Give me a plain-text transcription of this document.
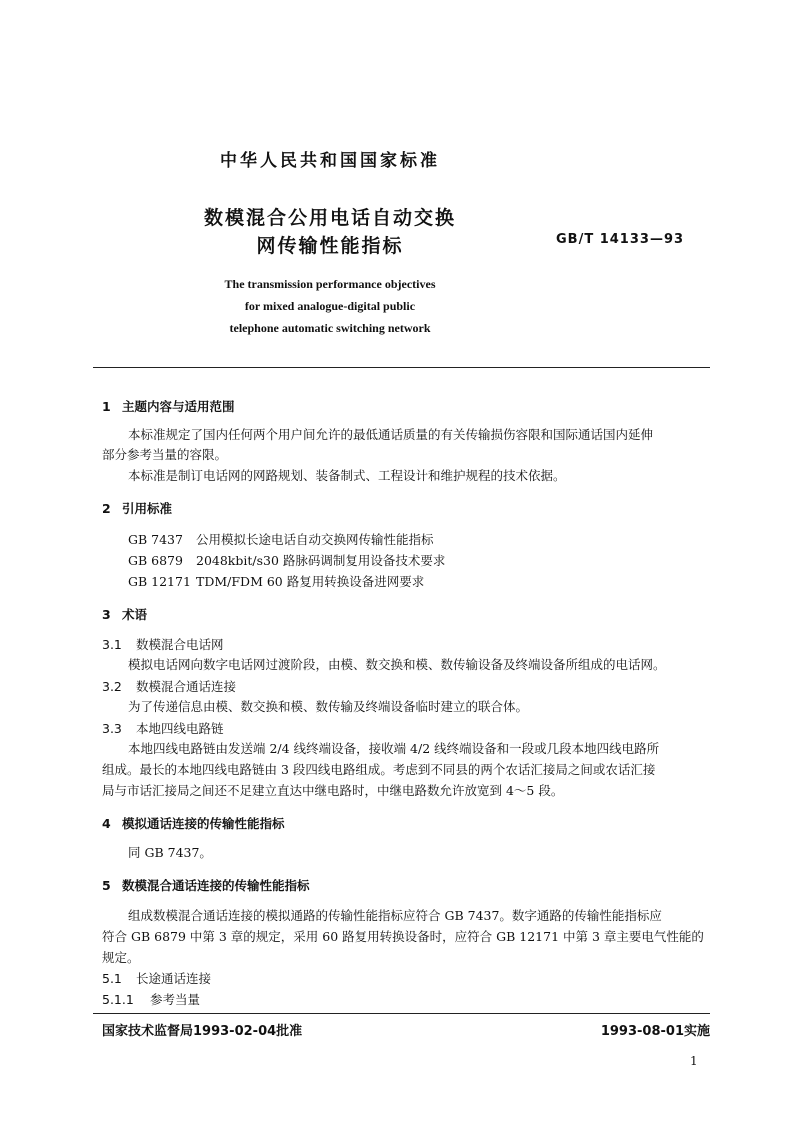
中华人民共和国国家标准
数模混合公用电话自动交换
网传输性能指标	GB/T 14133—93
The transmission performance objectives
for mixed analogue-digital public
telephone automatic switching network
1 主题内容与适用范围
本标准规定了国内任何两个用户间允许的最低通话质量的有关传输损伤容限和国际通话国内延伸
部分参考当量的容限。
本标准是制订电话网的网路规划、装备制式、工程设计和维护规程的技术依据。
2 引用标准
GB 7437 公用模拟长途电话自动交换网传输性能指标
GB 6879 2048kbit/s30 路脉码调制复用设备技术要求
GB 12171 TDM/FDM 60 路复用转换设备进网要求
3 术语
3.1 数模混合电话网
模拟电话网向数字电话网过渡阶段，由模、数交换和模、数传输设备及终端设备所组成的电话网。
3.2 数模混合通话连接
为了传递信息由模、数交换和模、数传输及终端设备临时建立的联合体。
3.3 本地四线电路链
本地四线电路链由发送端 2/4 线终端设备，接收端 4/2 线终端设备和一段或几段本地四线电路所
组成。最长的本地四线电路链由 3 段四线电路组成。考虑到不同县的两个农话汇接局之间或农话汇接
局与市话汇接局之间还不足建立直达中继电路时，中继电路数允许放宽到 4～5 段。
4 模拟通话连接的传输性能指标
同 GB 7437。
5 数模混合通话连接的传输性能指标
组成数模混合通话连接的模拟通路的传输性能指标应符合 GB 7437。数字通路的传输性能指标应
符合 GB 6879 中第 3 章的规定，采用 60 路复用转换设备时，应符合 GB 12171 中第 3 章主要电气性能的
规定。
5.1 长途通话连接
5.1.1 参考当量
国家技术监督局1993-02-04批准	1993-08-01实施
1
